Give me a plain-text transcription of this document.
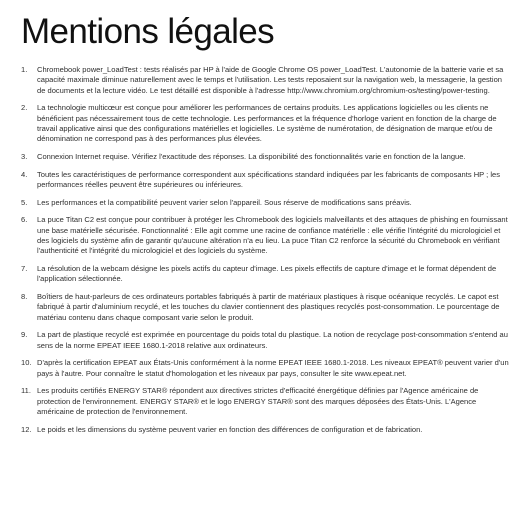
Mentions légales
1.	Chromebook power_LoadTest : tests réalisés par HP à l'aide de Google Chrome OS power_LoadTest. L'autonomie de la batterie varie et sa capacité maximale diminue naturellement avec le temps et l'utilisation. Les tests reposaient sur la navigation web, la messagerie, la gestion de documents et la lecture vidéo. Le test détaillé est disponible à l'adresse http://www.chromium.org/chromium-os/testing/power-testing.
2.	La technologie multicœur est conçue pour améliorer les performances de certains produits. Les applications logicielles ou les clients ne bénéficient pas nécessairement tous de cette technologie. Les performances et la fréquence d'horloge varient en fonction de la charge de travail applicative ainsi que des configurations matérielles et logicielles. Le système de numérotation, de désignation de marque et/ou de dénomination ne correspond pas à des performances plus élevées.
3.	Connexion Internet requise. Vérifiez l'exactitude des réponses. La disponibilité des fonctionnalités varie en fonction de la langue.
4.	Toutes les caractéristiques de performance correspondent aux spécifications standard indiquées par les fabricants de composants HP ; les performances réelles peuvent être supérieures ou inférieures.
5.	Les performances et la compatibilité peuvent varier selon l'appareil. Sous réserve de modifications sans préavis.
6.	La puce Titan C2 est conçue pour contribuer à protéger les Chromebook des logiciels malveillants et des attaques de phishing en fournissant une base matérielle sécurisée. Fonctionnalité : Elle agit comme une racine de confiance matérielle : elle vérifie l'intégrité du micrologiciel et des logiciels du système afin de garantir qu'aucune altération n'a eu lieu. La puce Titan C2 renforce la sécurité du Chromebook en vérifiant l'authenticité et l'intégrité du micrologiciel et des logiciels du système.
7.	La résolution de la webcam désigne les pixels actifs du capteur d'image. Les pixels effectifs de capture d'image et le format dépendent de l'application sélectionnée.
8.	Boîtiers de haut-parleurs de ces ordinateurs portables fabriqués à partir de matériaux plastiques à risque océanique recyclés. Le capot est fabriqué à partir d'aluminium recyclé, et les touches du clavier contiennent des plastiques recyclés post-consommation. Le pourcentage de matériau contenu dans chaque composant varie selon le produit.
9.	La part de plastique recyclé est exprimée en pourcentage du poids total du plastique. La notion de recyclage post-consommation s'entend au sens de la norme EPEAT IEEE 1680.1-2018 relative aux ordinateurs.
10. D'après la certification EPEAT aux États-Unis conformément à la norme EPEAT IEEE 1680.1-2018. Les niveaux EPEAT® peuvent varier d'un pays à l'autre. Pour connaître le statut d'homologation et les niveaux par pays, consulter le site www.epeat.net.
11. Les produits certifiés ENERGY STAR® répondent aux directives strictes d'efficacité énergétique définies par l'Agence américaine de protection de l'environnement. ENERGY STAR® et le logo ENERGY STAR® sont des marques déposées des États-Unis. L'Agence américaine de protection de l'environnement.
12. Le poids et les dimensions du système peuvent varier en fonction des différences de configuration et de fabrication.
